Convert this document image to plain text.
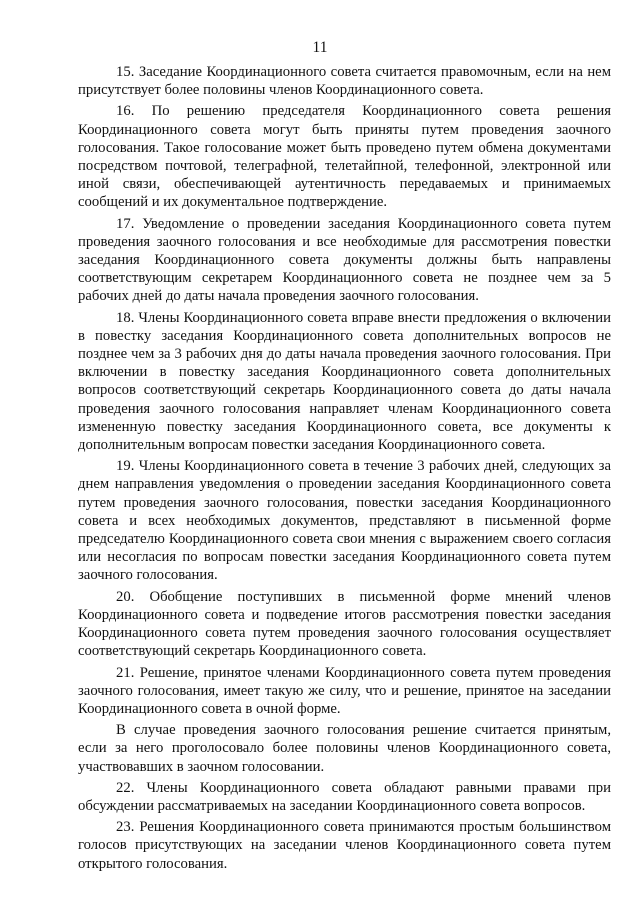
11

15. Заседание Координационного совета считается правомочным, если на нем присутствует более половины членов Координационного совета.

16. По решению председателя Координационного совета решения Координационного совета могут быть приняты путем проведения заочного голосования. Такое голосование может быть проведено путем обмена документами посредством почтовой, телеграфной, телетайпной, телефонной, электронной или иной связи, обеспечивающей аутентичность передаваемых и принимаемых сообщений и их документальное подтверждение.

17. Уведомление о проведении заседания Координационного совета путем проведения заочного голосования и все необходимые для рассмотрения повестки заседания Координационного совета документы должны быть направлены соответствующим секретарем Координационного совета не позднее чем за 5 рабочих дней до даты начала проведения заочного голосования.

18. Члены Координационного совета вправе внести предложения о включении в повестку заседания Координационного совета дополнительных вопросов не позднее чем за 3 рабочих дня до даты начала проведения заочного голосования. При включении в повестку заседания Координационного совета дополнительных вопросов соответствующий секретарь Координационного совета до даты начала проведения заочного голосования направляет членам Координационного совета измененную повестку заседания Координационного совета, все документы к дополнительным вопросам повестки заседания Координационного совета.

19. Члены Координационного совета в течение 3 рабочих дней, следующих за днем направления уведомления о проведении заседания Координационного совета путем проведения заочного голосования, повестки заседания Координационного совета и всех необходимых документов, представляют в письменной форме председателю Координационного совета свои мнения с выражением своего согласия или несогласия по вопросам повестки заседания Координационного совета путем заочного голосования.

20. Обобщение поступивших в письменной форме мнений членов Координационного совета и подведение итогов рассмотрения повестки заседания Координационного совета путем проведения заочного голосования осуществляет соответствующий секретарь Координационного совета.

21. Решение, принятое членами Координационного совета путем проведения заочного голосования, имеет такую же силу, что и решение, принятое на заседании Координационного совета в очной форме.

В случае проведения заочного голосования решение считается принятым, если за него проголосовало более половины членов Координационного совета, участвовавших в заочном голосовании.

22. Члены Координационного совета обладают равными правами при обсуждении рассматриваемых на заседании Координационного совета вопросов.

23. Решения Координационного совета принимаются простым большинством голосов присутствующих на заседании членов Координационного совета путем открытого голосования.
